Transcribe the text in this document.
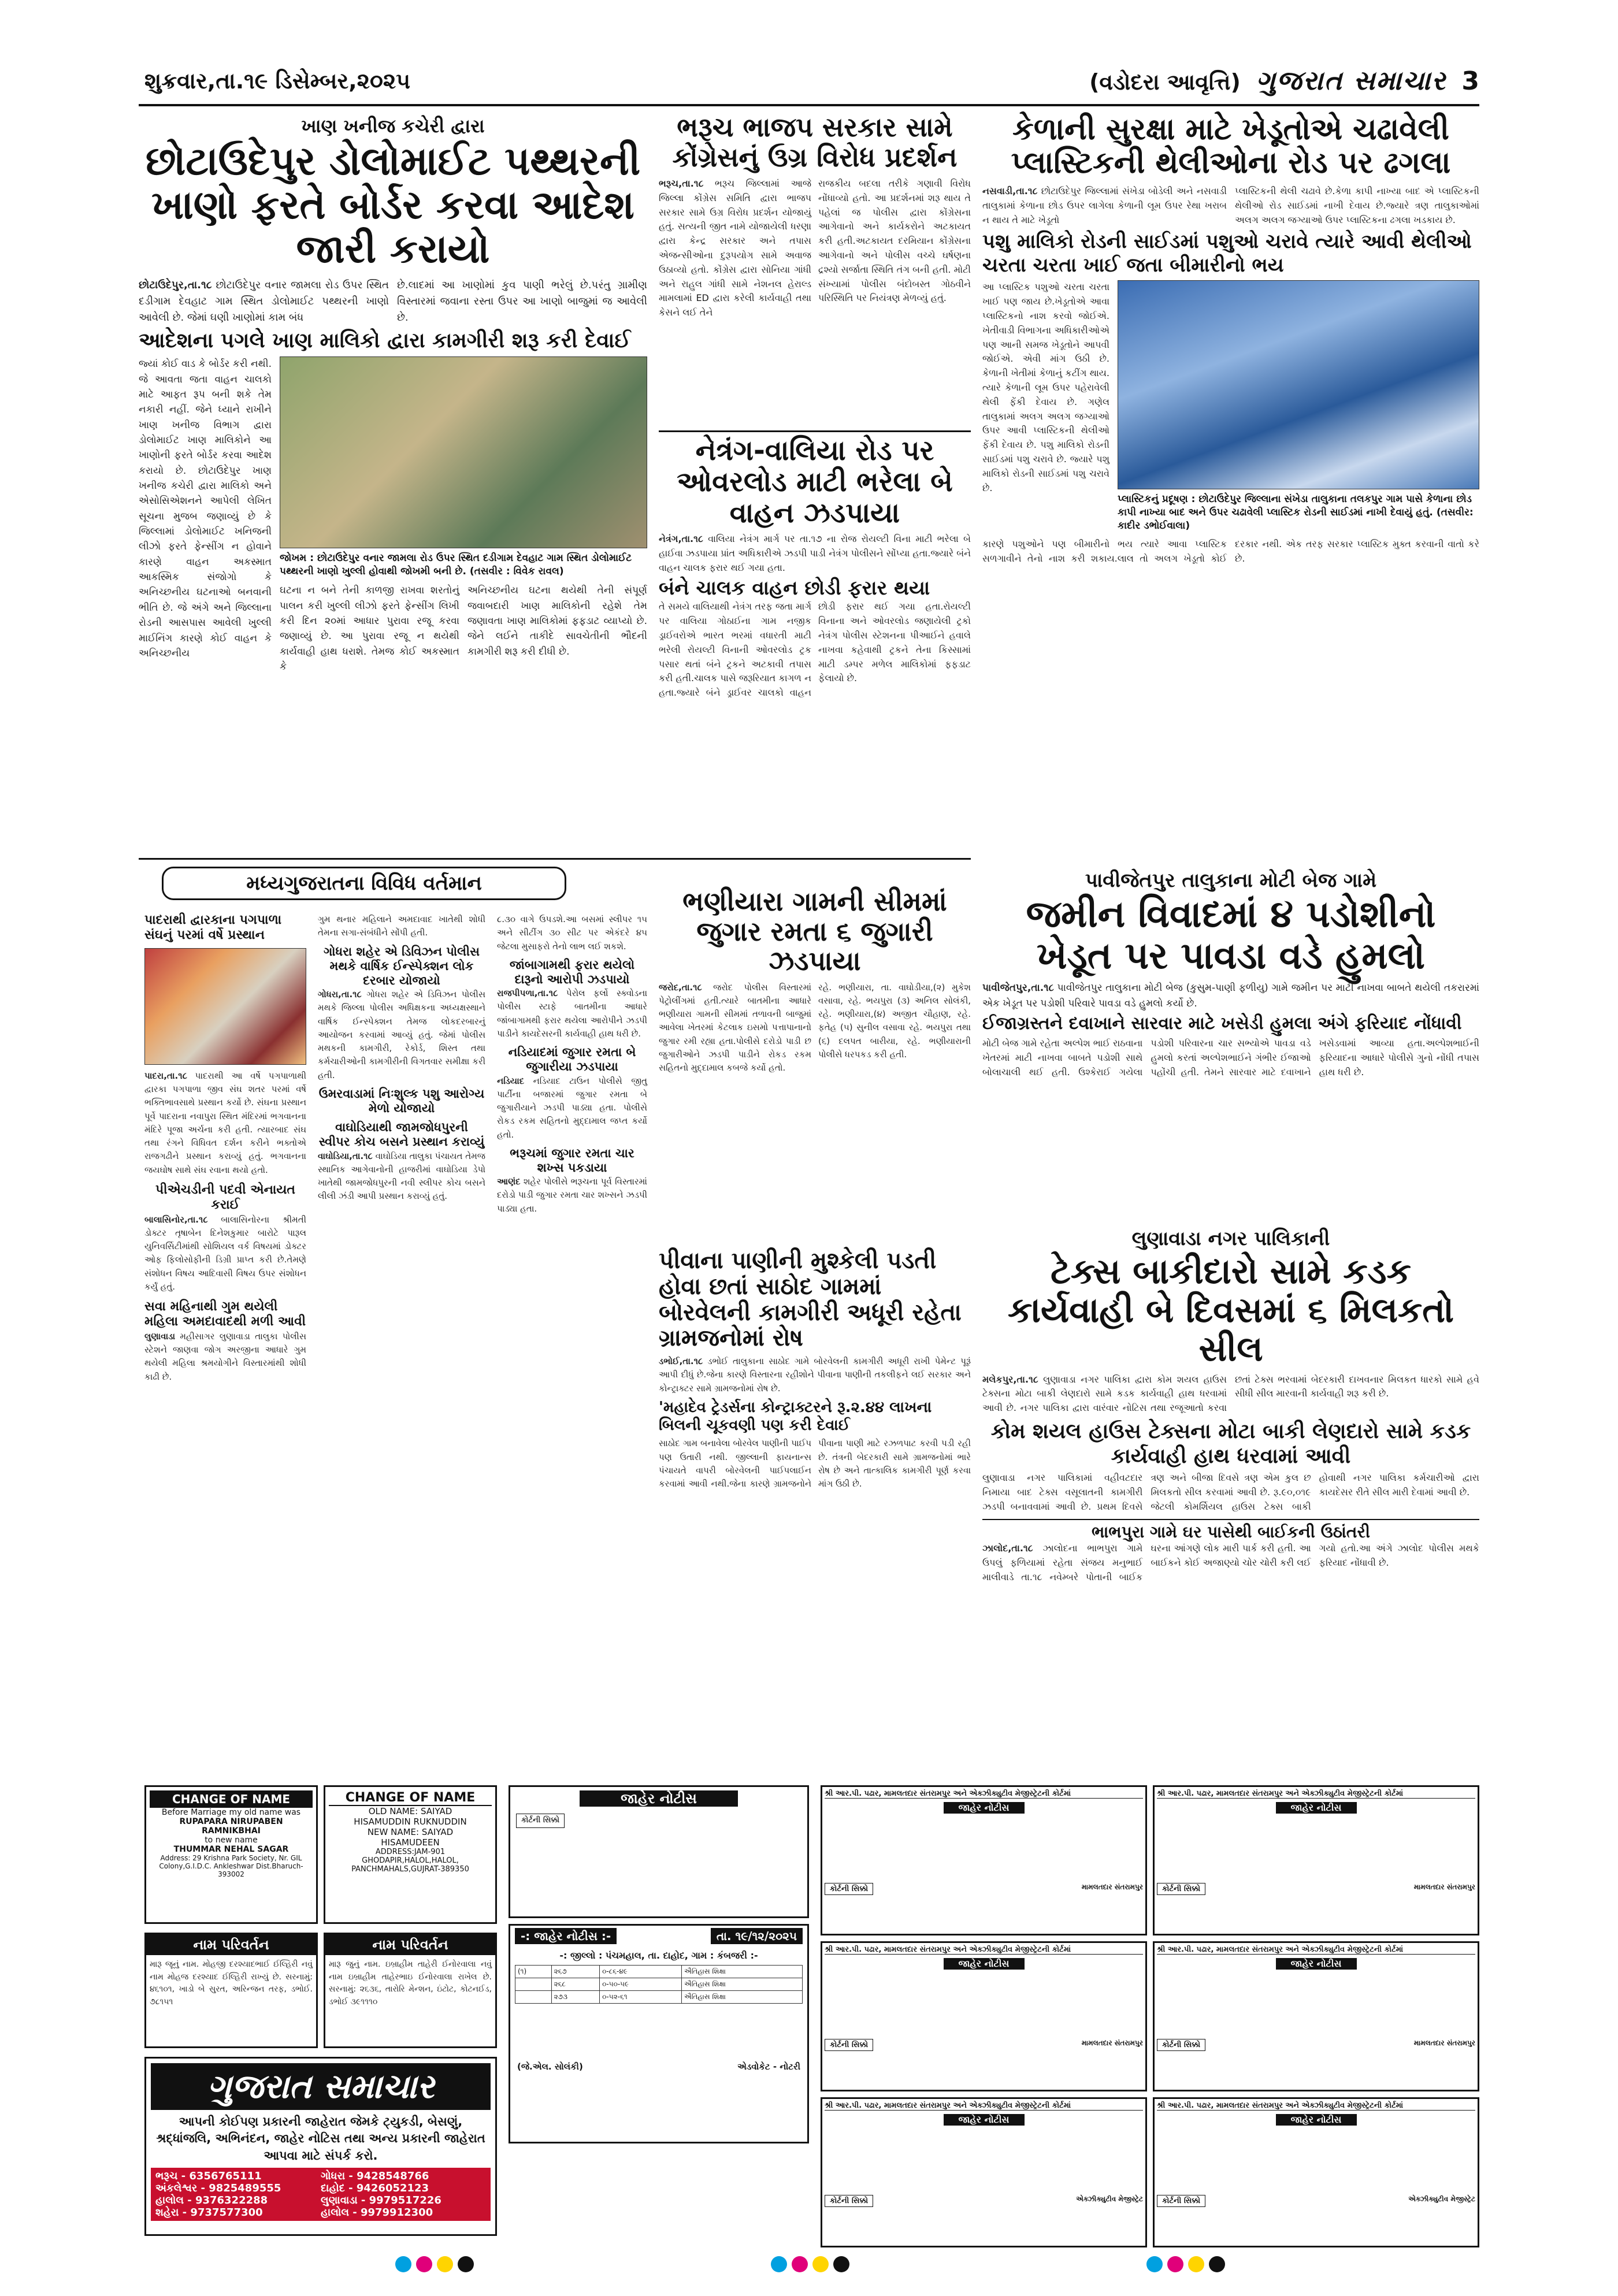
શુક્રવાર,તા.૧૯ ડિસેમ્બર,૨૦૨૫	(વડોદરા આવૃત્તિ) ગુજરાત સમાચાર 3
ખાણ ખનીજ કચેરી દ્વારા
છોટાઉદેપુર ડોલોમાઈટ પથ્થરની ખાણો ફરતે બોર્ડર કરવા આદેશ જારી કરાયો
છોટાઉદેપુર,તા.૧૮ છોટાઉદેપુર વનાર જામલા રોડ ઉપર સ્થિત દડીગામ દેવહાટ ગામ સ્થિત ડોલોમાઈટ પથ્થરની ખાણો આવેલી છે. જેમાં ઘણી ખાણોમાં કામ બંધ
છે.લાદમાં આ ખાણોમાં કુવ પાણી ભરેલું છે.પરંતુ ગ્રામીણ વિસ્તારમાં જવાના રસ્તા ઉપર આ ખાણો બાજુમાં જ આવેલી છે.
આદેશના પગલે ખાણ માલિકો દ્વારા કામગીરી શરૂ કરી દેવાઈ
જ્યાં કોઈ વાડ કે બોર્ડર કરી નથી. જે આવતા જતા વાહન ચાલકો માટે આફત રૂપ બની શકે તેમ નકારી નહીં. જેને ધ્યાને રાખીને ખાણ ખનીજ વિભાગ દ્વારા ડોલોમાઈટ ખાણ માલિકોને આ ખાણોની ફરતે બોર્ડર કરવા આદેશ કરાયો છે. છોટાઉદેપુર ખાણ ખનીજ કચેરી દ્વારા માલિકો અને એસોસિએશનને આપેલી લેખિત સૂચના મુજબ જણાવ્યું છે કે જિલ્લામાં ડોલોમાઈટ ખનિજની લીઝો ફરતે ફેન્સીંગ ન હોવાને કારણે વાહન અકસ્માત આકસ્મિક સંજોગો કે અનિચ્છનીય ઘટનાઓ બનવાની ભીતિ છે. જે અંગે અને જિલ્લાના રોડની આસપાસ આવેલી ખુલ્લી માઈનિંગ કારણે કોઈ વાહન કે અનિચ્છનીય
જોખમ : છોટાઉદેપુર વનાર જામલા રોડ ઉપર સ્થિત દડીગામ દેવહાટ ગામ સ્થિત ડોલોમાઈટ પથ્થરની ખાણો ખુલ્લી હોવાથી જોખમી બની છે. (તસવીર : વિવેક રાવલ)
ઘટના ન બને તેની કાળજી રાખવા શરતોનું પાલન કરી ખુલ્લી લીઝો ફરતે ફેન્સીંગ લિખી કરી દિન ૨૦માં આધાર પુરાવા રજૂ કરવા જણાવ્યું છે. આ પુરાવા રજૂ ન થયેથી કાર્યવાહી હાથ ધરાશે. તેમજ કોઈ અકસ્માત કે
અનિચ્છનીય ઘટના થયેથી તેની સંપૂર્ણ જવાબદારી ખાણ માલિકોની રહેશે તેમ જણાવતા ખાણ માલિકોમાં ફફડાટ વ્યાપ્યો છે. જેને લઈને તાકીદે સાવચેતીની ભૌદની કામગીરી શરૂ કરી દીધી છે.
ભરૂચ ભાજપ સરકાર સામે કોંગ્રેસનું ઉગ્ર વિરોધ પ્રદર્શન
ભરૂચ,તા.૧૮ ભરૂચ જિલ્લામાં આજે જિલ્લા કોંગ્રેસ સમિતિ દ્વારા ભાજપ સરકાર સામે ઉગ્ર વિરોધ પ્રદર્શન યોજાયું હતું. સત્યની જીત નામે યોજાયેલી ધરણા દ્વારા કેન્દ્ર સરકાર અને તપાસ એજન્સીઓના દુરૂપયોગ સામે અવાજ ઉઠાવ્યો હતો. કોંગ્રેસ દ્વારા સોનિયા ગાંધી અને રાહુલ ગાંધી સામે નેશનલ હેરાલ્ડ મામલામાં ED દ્વારા કરેલી કાર્યવાહી તથા કેસને લઈ તેને
રાજકીય બદલા તરીકે ગણાવી વિરોધ નોંધાવ્યો હતો. આ પ્રદર્શનમાં શરૂ થાય તે પહેલાં જ પોલીસ દ્વારા કોંગ્રેસના આગેવાનો અને કાર્યકરોને અટકાયત કરી હતી.અટકાયત દરમિયાન કોંગ્રેસના આગેવાનો અને પોલીસ વચ્ચે ઘર્ષણના દ્રશ્યો સર્જાતા સ્થિતિ તંગ બની હતી. મોટી સંખ્યામાં પોલીસ બંદોબસ્ત ગોઠવીને પરિસ્થિતિ પર નિયંત્રણ મેળવ્યું હતું.
નેત્રંગ-વાલિયા રોડ પર ઓવરલોડ માટી ભરેલા બે વાહન ઝડપાયા
નેત્રંગ,તા.૧૮ વાલિયા નેત્રંગ માર્ગ પર તા.૧૭ ના રોજ રોયલ્ટી વિના માટી ભરેલા બે હાઈવા ઝડપાયા પ્રાંત અધિકારીએ ઝડપી પાડી નેત્રંગ પોલીસને સોંપ્યા હતા.જ્યારે બંને વાહન ચાલક ફરાર થઈ ગયા હતા.
બંને ચાલક વાહન છોડી ફરાર થયા
તે સમયે વાલિયાથી નેત્રંગ તરફ જતા માર્ગ પર વાલિયા ગોઠાઈના ગામ નજીક ડ્રાઈવરોએ ભારત ભરમાં વધારતી માટી ભરેલી રોયલ્ટી વિનાની ઓવરલોડ ટ્રક પસાર થતાં બંને ટ્રકને અટકાવી તપાસ કરી હતી.ચાલક પાસે જરૂરિયાત કાગળ ન હતા.જ્યારે બંને ડ્રાઈવર ચાલકો વાહન છોડી ફરાર થઈ ગયા હતા.રોયલ્ટી વિનાના અને ઓવરલોડ જણાયેલી ટ્રકો નેત્રંગ પોલીસ સ્ટેશનના પીઆઈને હવાલે નાખવા કહેવાથી ટ્રકને તેના કિસ્સામાં માટી ડમ્પર મળેલ માલિકોમાં ફફડાટ ફેલાયો છે.
કેળાની સુરક્ષા માટે ખેડૂતોએ ચઢાવેલી પ્લાસ્ટિકની થેલીઓના રોડ પર ઢગલા
નસવાડી,તા.૧૮ છોટાઉદેપુર જિલ્લામાં સંખેડા બોડેલી અને નસવાડી તાલુકામાં કેળાના છોડ ઉપર લાગેલા કેળાની લૂમ ઉપર રેથા ખરાબ ન થાય તે માટે ખેડૂતો
પ્લાસ્ટિકની થેલી ચઢાવે છે.કેળા કાપી નાખ્યા બાદ એ પ્લાસ્ટિકની થેલીઓ રોડ સાઈડમાં નાખી દેવાય છે.જ્યારે ત્રણ તાલુકાઓમાં અલગ અલગ જગ્યાઓ ઉપર પ્લાસ્ટિકના ઢગલા ખડકાય છે.
પશુ માલિકો રોડની સાઈડમાં પશુઓ ચરાવે ત્યારે આવી થેલીઓ ચરતા ચરતા ખાઈ જતા બીમારીનો ભય
આ પ્લાસ્ટિક પશુઓ ચરતા ચરતા ખાઈ પણ જાય છે.ખેડૂતોએ આવા પ્લાસ્ટિકનો નાશ કરવો જોઈએ. ખેતીવાડી વિભાગના અધિકારીઓએ પણ આની સમજ ખેડૂતોને આપવી જોઈએ. એવી માંગ ઉઠી છે. કેળાની ખેતીમાં કેળાનું કટીંગ થાય. ત્યારે કેળાની લૂમ ઉપર પહેરાવેલી થેલી ફેંકી દેવાય છે. ગણેલ તાલુકામાં અલગ અલગ જગ્યાઓ ઉપર આવી પ્લાસ્ટિકની થેલીઓ ફેંકી દેવાય છે. પશુ માલિકો રોડની સાઈડમાં પશુ ચરાવે છે. જ્યારે પશુ માલિકો રોડની સાઈડમાં પશુ ચરાવે છે.
પ્લાસ્ટિકનું પ્રદૂષણ : છોટાઉદેપુર જિલ્લાના સંખેડા તાલુકાના તલકપુર ગામ પાસે કેળાના છોડ કાપી નાખ્યા બાદ અને ઉપર ચઢાવેલી પ્લાસ્ટિક રોડની સાઈડમાં નાખી દેવાયું હતું. (તસવીર: કાદીર ડભોઈવાલા)
કારણે પશુઓને પણ બીમારીનો ભય ત્યારે આવા પ્લાસ્ટિક સળગાવીને તેનો નાશ કરી શકાય.લાલ તો અલગ ખેડૂતો કોઈ દરકાર નથી. એક તરફ સરકાર પ્લાસ્ટિક મુક્ત કરવાની વાતો કરે છે.
મધ્યગુજરાતના વિવિધ વર્તમાન
પાદરાથી દ્વારકાના પગપાળા સંઘનું પરમાં વર્ષે પ્રસ્થાન
પાદરા,તા.૧૮ પાદરાથી આ વર્ષે પગપાળાથી દ્વારકા પગપાળા જીવ સંઘ શતર પરમાં વર્ષે ભક્તિભાવસાથે પ્રસ્થાન કર્યો છે. સંઘના પ્રસ્થાન પૂર્વે પાદરાના નવાપુરા સ્થિત મંદિરમાં ભગવાનના મંદિરે પૂજા અર્ચના કરી હતી. ત્યારબાદ સંઘ તથા રંગને વિધિવત દર્શન કરીને ભક્તોએ રાજગઢીને પ્રસ્થાન કરાવ્યું હતું. ભગવાનના જયઘોષ સાથે સંઘ રવાના થયો હતો.
પીએચડીની પદવી એનાયત કરાઈ
બાલાસિનોર,તા.૧૮ બાલાસિનોરના શ્રીમતી ડોક્ટર તૃષાબેન દિનેશકુમાર બારોટે પારૂલ યુનિવર્સિટીમાંથી સોશિયલ વર્ક વિષયમાં ડોક્ટર ઓફ ફિલોસોફીની ડિગ્રી પ્રાપ્ત કરી છે.તેમણે સંશોધન વિષય આદિવાસી વિષય ઉપર સંશોધન કર્યું હતું.
સવા મહિનાથી ગુમ થયેલી મહિલા અમદાવાદથી મળી આવી
લુણાવાડા મહીસાગર લુણાવાડા તાલુકા પોલીસ સ્ટેશને જાણવા જોગ અરજીના આધારે ગુમ થયેલી મહિલા શ્રમયોગીને વિસ્તારમાંથી શોધી કાઢી છે.
ગુમ થનાર મહિલાને અમદાવાદ ખાતેથી શોધી તેમના સગા-સંબંધીને સોંપી હતી.
ગોધરા શહેર એ ડિવિઝન પોલીસ મથકે વાર્ષિક ઈન્સ્પેક્શન લોક દરબાર યોજાયો
ગોધરા,તા.૧૮ ગોધરા શહેર એ ડિવિઝન પોલીસ મથકે જિલ્લા પોલીસ અધિક્ષકના અધ્યક્ષસ્થાને વાર્ષિક ઈન્સ્પેક્શન તેમજ લોકદરબારનું આયોજન કરવામાં આવ્યું હતું. જેમાં પોલીસ મથકની કામગીરી, રેકોર્ડ, શિસ્ત તથા કર્મચારીઓની કામગીરીની વિગતવાર સમીક્ષા કરી હતી.
ઉમરવાડામાં નિઃશુલ્ક પશુ આરોગ્ય મેળો યોજાયો
વાઘોડિયાથી જામજોધપુરની સ્વીપર કોચ બસને પ્રસ્થાન કરાવ્યું
વાઘોડિયા,તા.૧૮ વાઘોડિયા તાલુકા પંચાયત તેમજ સ્થાનિક આગેવાનોની હાજરીમાં વાઘોડિયા ડેપો ખાતેથી જામજોધપુરની નવી સ્લીપર કોચ બસને લીલી ઝંડી આપી પ્રસ્થાન કરાવ્યું હતું.
૮.૩૦ વાગે ઉપડશે.આ બસમાં સ્લીપર ૧૫ અને સીટીંગ ૩૦ સીટ પર એકંદરે ૪૫ જેટલા મુસાફરો તેનો લાભ લઈ શકશે.
જાંબાગામથી ફરાર થયેલો દારૂનો આરોપી ઝડપાયો
રાજપીપળા,તા.૧૮ પેરોલ ફર્લો સ્ક્વોડના પોલીસ સ્ટાફે બાતમીના આધારે જાંબાગામથી ફરાર થયેલા આરોપીને ઝડપી પાડીને કાયદેસરની કાર્યવાહી હાથ ધરી છે.
નડિયાદમાં જુગાર રમતા બે જુગારીયા ઝડપાયા
નડિયાદ નડિયાદ ટાઉન પોલીસે જીતુ પાર્ટીના બજારમાં જુગાર રમતા બે જુગારીયાને ઝડપી પાડ્યા હતા. પોલીસે રોકડ રકમ સહિતનો મુદ્દામાલ જપ્ત કર્યો હતો.
ભરૂચમાં જુગાર રમતા ચાર શખ્સ પકડાયા
આણંદ શહેર પોલીસે ભરૂચના પૂર્વ વિસ્તારમાં દરોડો પાડી જુગાર રમતા ચાર શખ્સને ઝડપી પાડ્યા હતા.
ભણીયારા ગામની સીમમાં જુગાર રમતા ૬ જુગારી ઝડપાયા
જરોદ,તા.૧૮ જરોદ પોલીસ વિસ્તારમાં પેટ્રોલીંગમાં હતી.ત્યારે બાતમીના આધારે ભણીયારા ગામની સીમમાં તળાવની બાજુમાં આવેલા ખેતરમાં કેટલાક ઇસમો પત્તાપાનાનો જુગાર રમી રહ્યા હતા.પોલીસે દરોડો પાડી છ જુગારીઓને ઝડપી પાડીને રોકડ રકમ સહિતનો મુદ્દામાલ કબજે કર્યો હતો.
રહે. ભણીયારા, તા. વાઘોડીયા,(૨) મુકેશ વસાવા, રહે. ભયપુરા (૩) અનિલ સોલંકી, રહે. ભણીયારા,(૪) અજીત ચૌહાણ, રહે. ફતેહ (૫) સુનીલ વસાવા રહે. ભયપુરા તથા (૬) દલપત બારીયા, રહે. ભણીયારાની પોલીસે ધરપકડ કરી હતી.
પીવાના પાણીની મુશ્કેલી પડતી હોવા છતાં સાઠોદ ગામમાં બોરવેલની કામગીરી અધૂરી રહેતા ગ્રામજનોમાં રોષ
ડભોઈ,તા.૧૮ ડભોઈ તાલુકાના સાઠોદ ગામે બોરવેલની કામગીરી અધૂરી રાખી પેમેન્ટ પૂરૂં આપી દીધું છે.જેના કારણે વિસ્તારના રહીશોને પીવાના પાણીની તકલીફને લઈ સરકાર અને કોન્ટ્રાક્ટર સામે ગ્રામજનોમાં રોષ છે.
'મહાદેવ ટ્રેડર્સના કોન્ટ્રાક્ટરને રૂ.૨.૪૪ લાખના બિલની ચૂકવણી પણ કરી દેવાઈ
સાઠોદ ગામ બનાવેલા બોરવેલ પાણીની પાઈપ પણ ઉતારી નથી. જીલ્લાની ફાયનાન્સ પંચાયતે વાપરી બોરવેલની પાઈપલાઈન કરવામાં આવી નથી.જેના કારણે ગ્રામજનોને પીવાના પાણી માટે રઝળપાટ કરવી પડી રહી છે. તંત્રની બેદરકારી સામે ગ્રામજનોમાં ભારે રોષ છે અને તાત્કાલિક કામગીરી પૂર્ણ કરવા માંગ ઉઠી છે.
પાવીજેતપુર તાલુકાના મોટી બેજ ગામે
જમીન વિવાદમાં ૪ પડોશીનો ખેડૂત પર પાવડા વડે હુમલો
પાવીજેતપુર,તા.૧૮ પાવીજેતપુર તાલુકાના મોટી બેજ (કુસુમ-પાણી ફળીયુ) ગામે જમીન પર માટી નાખવા બાબતે થયેલી તકરારમાં એક ખેડૂત પર પડોશી પરિવારે પાવડા વડે હુમલો કર્યો છે.
ઈજાગ્રસ્તને દવાખાને સારવાર માટે ખસેડી હુમલા અંગે ફરિયાદ નોંધાવી
મોટી બેજ ગામે રહેતા અલ્પેશ ભાઈ રાઠવાના ખેતરમાં માટી નાખવા બાબતે પડોશી સાથે બોલાચાલી થઈ હતી. ઉશ્કેરાઈ ગયેલા પડોશી પરિવારના ચાર સભ્યોએ પાવડા વડે હુમલો કરતાં અલ્પેશભાઈને ગંભીર ઈજાઓ પહોંચી હતી. તેમને સારવાર માટે દવાખાને ખસેડવામાં આવ્યા હતા.અલ્પેશભાઈની ફરિયાદના આધારે પોલીસે ગુનો નોંધી તપાસ હાથ ધરી છે.
લુણાવાડા નગર પાલિકાની
ટેક્સ બાકીદારો સામે કડક કાર્યવાહી બે દિવસમાં ૬ મિલકતો સીલ
મલેકપુર,તા.૧૮ લુણાવાડા નગર પાલિકા દ્વારા કોમ શયલ હાઉસ ટેક્સના મોટા બાકી લેણદારો સામે કડક કાર્યવાહી હાથ ધરવામાં આવી છે. નગર પાલિકા દ્વારા વારંવાર નોટિસ તથા રજૂઆતો કરવા છતાં ટેક્સ ભરવામાં બેદરકારી દાખવનાર મિલકત ધારકો સામે હવે સીધી સીલ મારવાની કાર્યવાહી શરૂ કરી છે.
કોમ શયલ હાઉસ ટેક્સના મોટા બાકી લેણદારો સામે કડક કાર્યવાહી હાથ ધરવામાં આવી
લુણાવાડા નગર પાલિકામાં વહીવટદાર નિમાયા બાદ ટેક્સ વસૂલાતની કામગીરી ઝડપી બનાવવામાં આવી છે. પ્રથમ દિવસે ત્રણ અને બીજા દિવસે ત્રણ એમ કુલ છ મિલકતો સીલ કરવામાં આવી છે. રૂ.૯૦,૦૧૯ જેટલી કોમર્શિયલ હાઉસ ટેક્સ બાકી હોવાથી નગર પાલિકા કર્મચારીઓ દ્વારા કાયદેસર રીતે સીલ મારી દેવામાં આવી છે.
ભાભપુરા ગામે ઘર પાસેથી બાઈકની ઉઠાંતરી
ઝાલોદ,તા.૧૮ ઝાલોદના ભાભપુરા ગામે ઉપલું ફળિયામાં રહેતા સંજય મનુભાઈ માલીવાડે તા.૧૮ નવેમ્બરે પોતાની બાઈક ઘરના આંગણે લોક મારી પાર્ક કરી હતી. આ બાઈકને કોઈ અજાણ્યો ચોર ચોરી કરી લઈ ગયો હતો.આ અંગે ઝાલોદ પોલીસ મથકે ફરિયાદ નોંધાવી છે.
CHANGE OF NAME
Before Marriage my old name was
RUPAPARA NIRUPABEN
RAMNIKBHAI
to new name
THUMMAR NEHAL SAGAR
Address: 29 Krishna Park Society, Nr. GIL Colony,G.I.D.C. Ankleshwar Dist.Bharuch-393002
CHANGE OF NAME
OLD NAME: SAIYAD
HISAMUDDIN RUKNUDDIN
NEW NAME: SAIYAD
HISAMUDEEN
ADDRESS:JAM-901 GHODAPIR,HALOL,HALOL, PANCHMAHALS,GUJRAT-389350
નામ પરિવર્તન
મારૂ જૂનું નામ. મોહજી દરશ્યાદભાઈ ઈલ્હિરી નવું નામ મોહજ દરશ્યાદ ઈલ્હિરી રાખ્યું છે. સરનામું: ૪૬૧૦૧, ખાડો બે સુરત, અરિન્જન તરફ, ડભોઈ. ૭૮૧૫૧
નામ પરિવર્તન
મારૂ જુનું નામ. ઇબ્રાહીમ તાહેરી ઈનોરવાલા નવું નામ ઇબ્રાહીમ તાહેરભાઇ ઈનોરવાલા રાખેલ છે. સરનામું: ૨૬૩૬, તારોરિ મેન્શન, ઇંટોટ, કોટનઈડ, ડભોઈ ૩૯૧૧૧૦
ગુજરાત સમાચાર
આપની કોઈપણ પ્રકારની જાહેરાત જેમકે ટ્યુકડી, બેસણું, શ્રદ્ધાંજલિ, અભિનંદન, જાહેર નોટિસ તથા અન્ય પ્રકારની જાહેરાત આપવા માટે સંપર્ક કરો.
ભરૂચ - 6356765111	ગોધરા - 9428548766
અંકલેશ્વર - 9825489555	દાહોદ - 9426052123
હાલોલ - 9376322288	લુણાવાડા - 9979517226
શહેરા - 9737577300	હાલોલ - 9979912300
જાહેર નોટીસ
કોર્ટની સિક્કો
-: જાહેર નોટીસ :-	તા. ૧૯/૧૨/૨૦૨૫
-: જીલ્લો : પંચમહાલ, તા. દાહોદ, ગામ : કંબજરી :-
(૧)	૨૬૭	૦-૮૬-૪૯	ઐતિહાસ શિક્ષા
	૨૬૮	૦-૫૦-૫૯	ઐતિહાસ શિક્ષા
	૨૭૩	૦-૫૨-૬૧	ઐતિહાસ શિક્ષા
(જે.એલ. સોલંકી)	એડવોકેટ - નોટરી
શ્રી આર.પી. પઢાર, મામલતદાર સંતરામપુર અને એક્ઝીક્યુટીવ મેજીસ્ટ્રેટની કોર્ટમાં
જાહેર નોટીસ
કોર્ટની સિક્કો	મામલતદાર સંતરામપુર
શ્રી આર.પી. પઢાર, મામલતદાર સંતરામપુર અને એક્ઝીક્યુટીવ મેજીસ્ટ્રેટની કોર્ટમાં
જાહેર નોટીસ
કોર્ટની સિક્કો	મામલતદાર સંતરામપુર
શ્રી આર.પી. પઢાર, મામલતદાર સંતરામપુર અને એક્ઝીક્યુટીવ મેજીસ્ટ્રેટની કોર્ટમાં
જાહેર નોટીસ
કોર્ટની સિક્કો	મામલતદાર સંતરામપુર
શ્રી આર.પી. પઢાર, મામલતદાર સંતરામપુર અને એક્ઝીક્યુટીવ મેજીસ્ટ્રેટની કોર્ટમાં
જાહેર નોટીસ
કોર્ટની સિક્કો	મામલતદાર સંતરામપુર
શ્રી આર.પી. પઢાર, મામલતદાર સંતરામપુર અને એક્ઝીક્યુટીવ મેજીસ્ટ્રેટની કોર્ટમાં
જાહેર નોટીસ
કોર્ટની સિક્કો	એક્ઝીક્યુટીવ મેજીસ્ટ્રેટ
શ્રી આર.પી. પઢાર, મામલતદાર સંતરામપુર અને એક્ઝીક્યુટીવ મેજીસ્ટ્રેટની કોર્ટમાં
જાહેર નોટીસ
કોર્ટની સિક્કો	એક્ઝીક્યુટીવ મેજીસ્ટ્રેટ
